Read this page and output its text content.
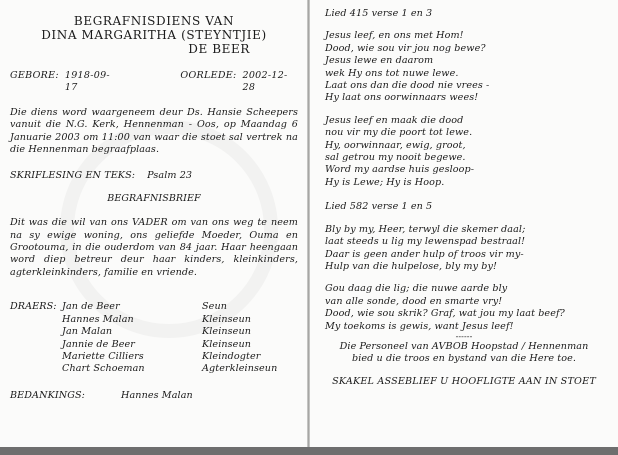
BEGRAFNISDIENS VAN
DINA MARGARITHA (STEYNTJIE)
DE BEER
GEBORE: 1918-09-17
OORLEDE: 2002-12-28
Die diens word waargeneem deur Ds. Hansie Scheepers vanuit die N.G. Kerk, Hennenman - Oos, op Maandag 6 Januarie 2003 om 11:00 van waar die stoet sal vertrek na die Hennenman begraafplaas.
SKRIFLESING EN TEKS: Psalm 23
BEGRAFNISBRIEF
Dit was die wil van ons VADER om van ons weg te neem na sy ewige woning, ons geliefde Moeder, Ouma en Grootouma, in die ouderdom van 84 jaar. Haar heengaan word diep betreur deur haar kinders, kleinkinders, agterkleinkinders, familie en vriende.
DRAERS: Jan de Beer	Seun
Hannes Malan	Kleinseun
Jan Malan	Kleinseun
Jannie de Beer	Kleinseun
Mariette Cilliers	Kleindogter
Chart Schoeman	Agterkleinseun
BEDANKINGS:	Hannes Malan
Lied 415 verse 1 en 3
Jesus leef, en ons met Hom!
Dood, wie sou vir jou nog bewe?
Jesus lewe en daarom
wek Hy ons tot nuwe lewe.
Laat ons dan die dood nie vrees -
Hy laat ons oorwinnaars wees!
Jesus leef en maak die dood
nou vir my die poort tot lewe.
Hy, oorwinnaar, ewig, groot,
sal getrou my nooit begewe.
Word my aardse huis gesloop-
Hy is Lewe; Hy is Hoop.
Lied 582 verse 1 en 5
Bly by my, Heer, terwyl die skemer daal;
laat steeds u lig my lewenspad bestraal!
Daar is geen ander hulp of troos vir my-
Hulp van die hulpelose, bly my by!
Gou daag die lig; die nuwe aarde bly
van alle sonde, dood en smarte vry!
Dood, wie sou skrik? Graf, wat jou my laat beef?
My toekoms is gewis, want Jesus leef!
------
Die Personeel van AVBOB Hoopstad / Hennenman
bied u die troos en bystand van die Here toe.
SKAKEL ASSEBLIEF U HOOFLIGTE AAN IN STOET
